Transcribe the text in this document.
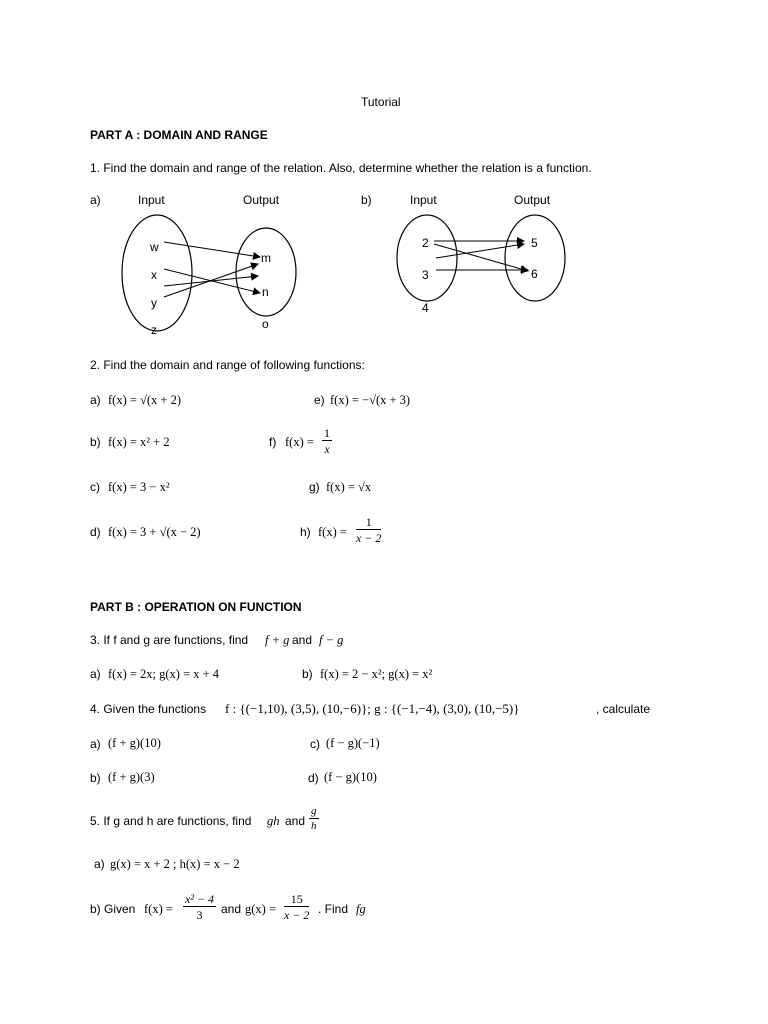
Tutorial
PART A : DOMAIN AND RANGE
1. Find the domain and range of the relation. Also, determine whether the relation is a function.
a)	Input	Output	b)	Input	Output
w
x
y
z
m
n
o
2
3
4
5
6
2. Find the domain and range of following functions:
a) f(x) = √(x + 2)	e) f(x) = −√(x + 3)
b) f(x) = x² + 2	f) $f(x) = \frac{1}{x}$
c) f(x) = 3 − x²	g) f(x) = √x
d) f(x) = 3 + √(x − 2)	h) $f(x) = \frac{1}{x - 2}$
PART B : OPERATION ON FUNCTION
3. If f and g are functions, find f + g and f − g
a) f(x) = 2x; g(x) = x + 4	b) f(x) = 2 − x²; g(x) = x²
4. Given the functions f : {(−1,10), (3,5), (10,−6)}; g : {(−1,−4), (3,0), (10,−5)}	, calculate
a) (f + g)(10)	c) (f − g)(−1)
b) (f + g)(3)	d) (f − g)(10)
5. If g and h are functions, find gh and $\frac{g}{h}$
a) g(x) = x + 2 ; h(x) = x − 2
b) Given $f(x) = \frac{\text{x² − 4}}{3}$ and $g(x) = \frac{15}{x - 2}$ . Find fg
